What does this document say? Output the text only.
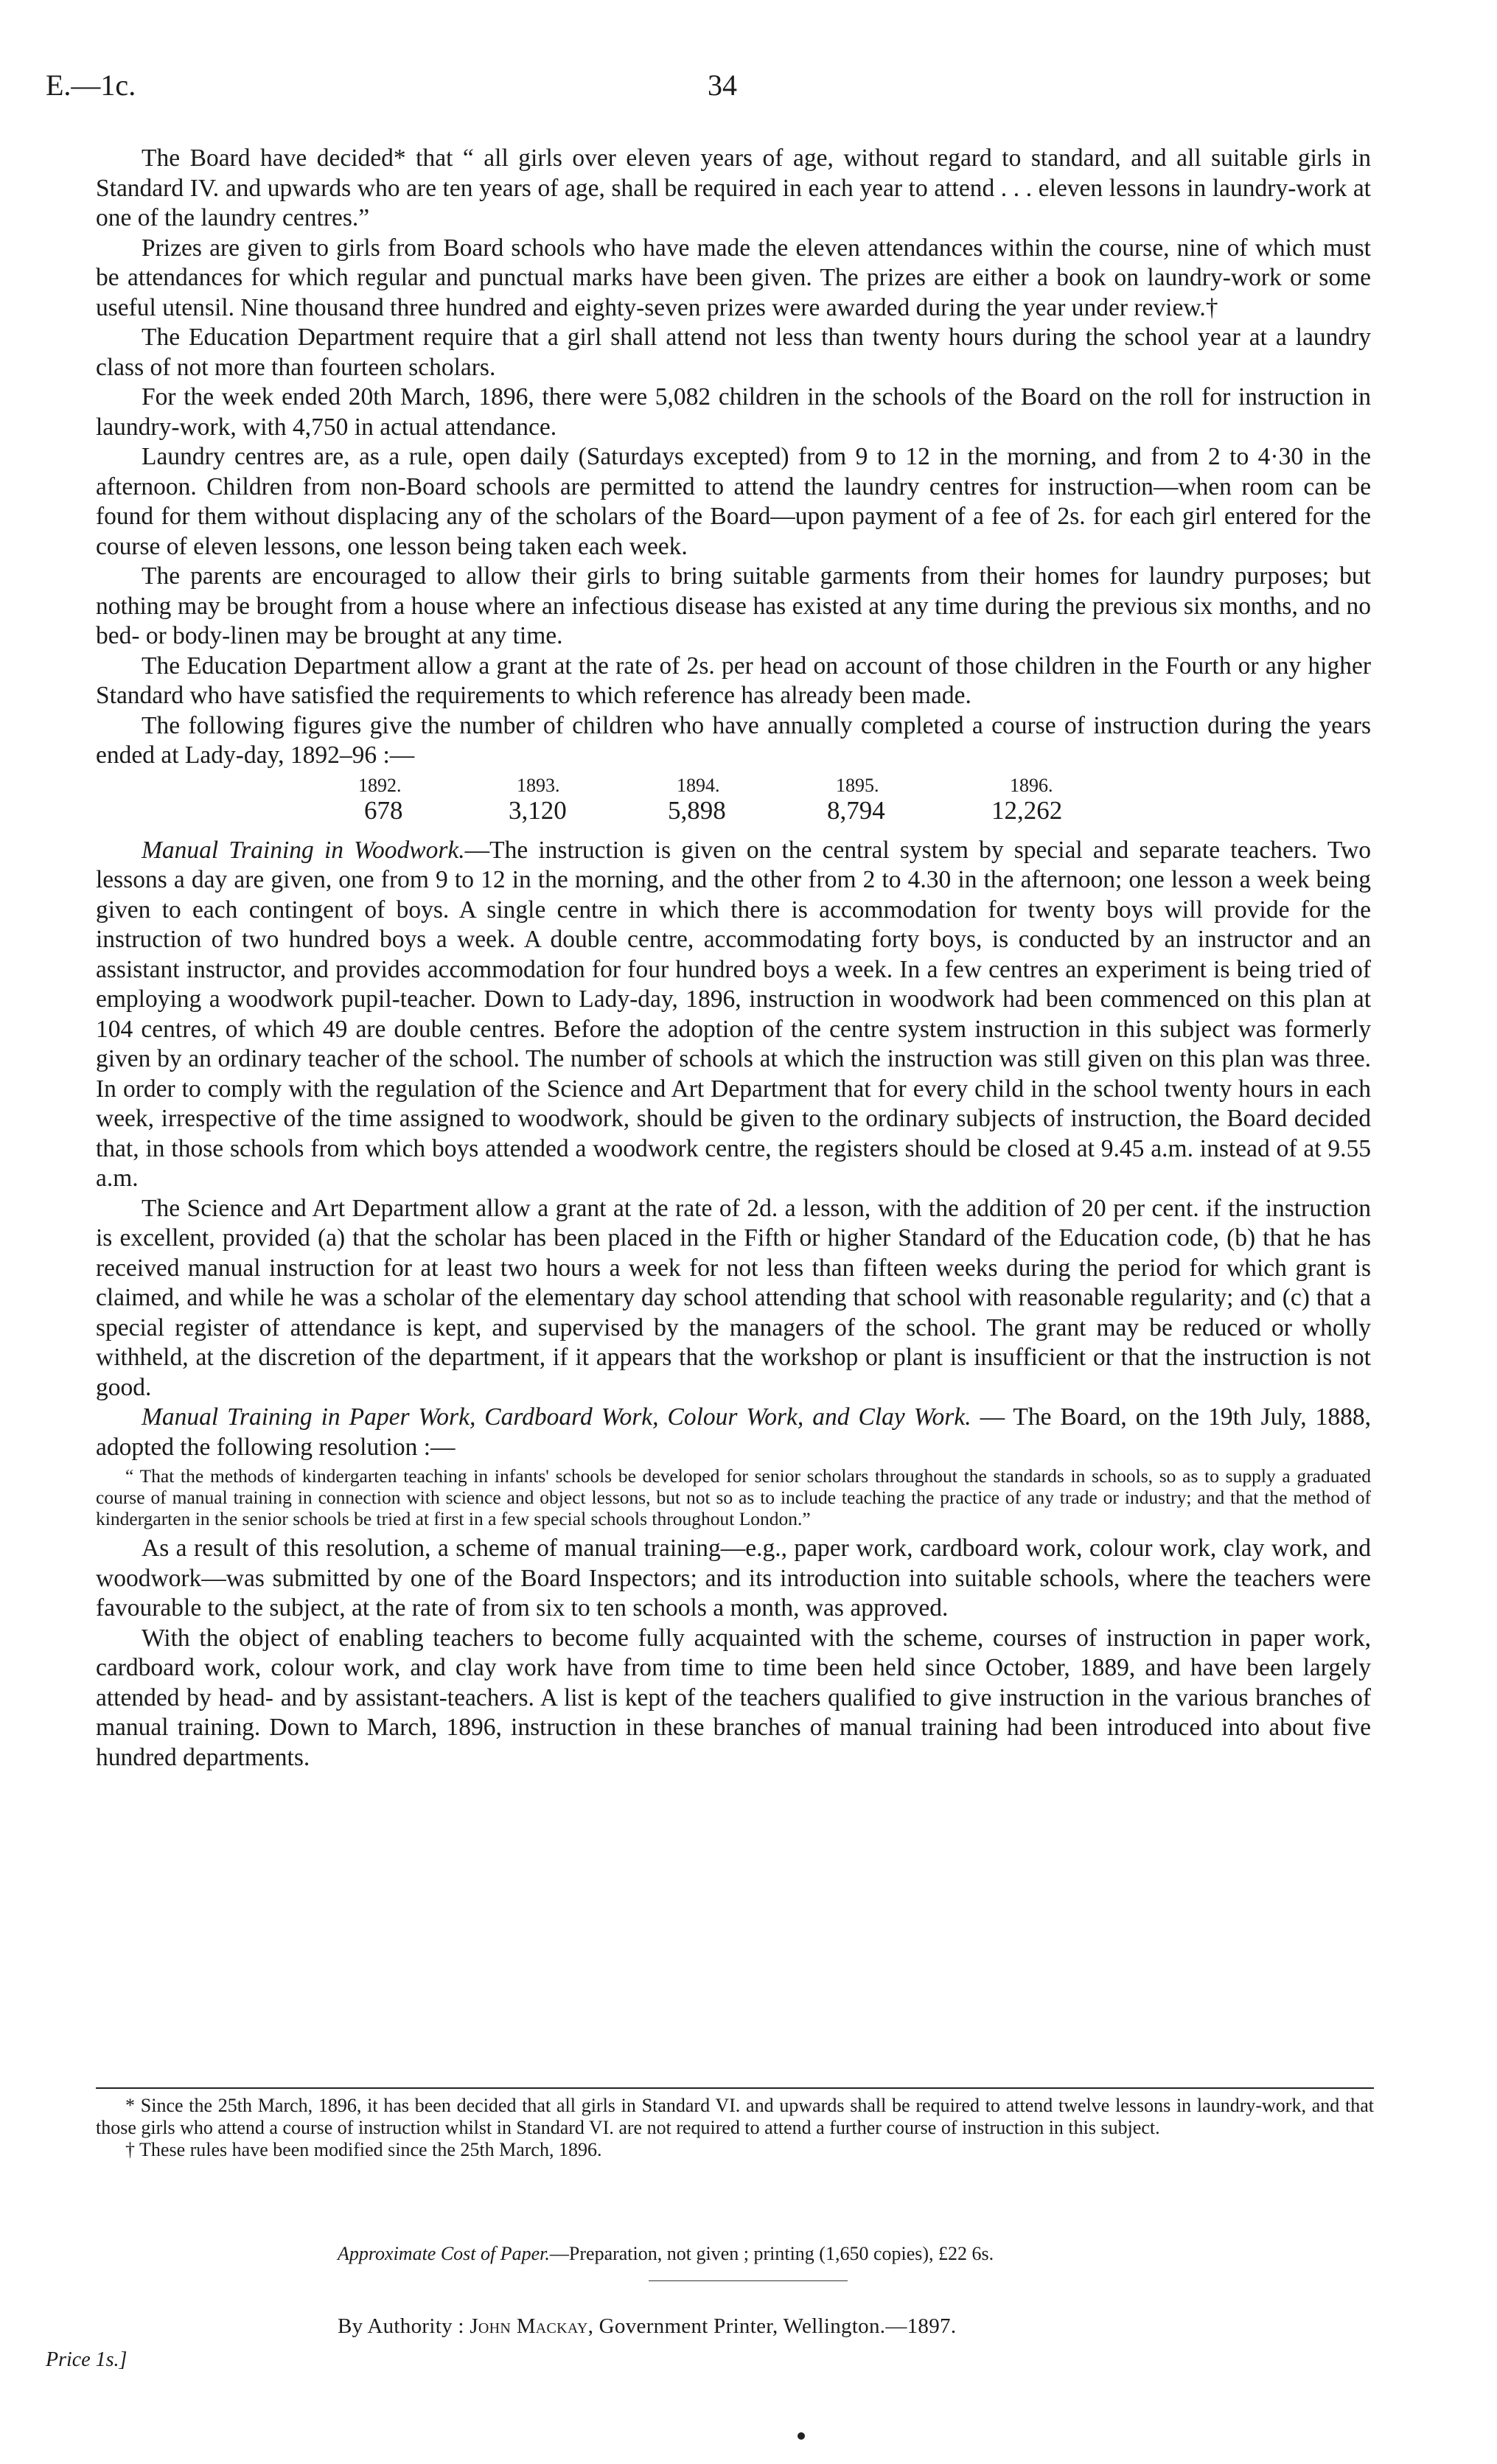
E.—1c.	34

The Board have decided* that “ all girls over eleven years of age, without regard to standard, and all suitable girls in Standard IV. and upwards who are ten years of age, shall be required in each year to attend . . . eleven lessons in laundry-work at one of the laundry centres.”

Prizes are given to girls from Board schools who have made the eleven attendances within the course, nine of which must be attendances for which regular and punctual marks have been given. The prizes are either a book on laundry-work or some useful utensil. Nine thousand three hundred and eighty-seven prizes were awarded during the year under review.†

The Education Department require that a girl shall attend not less than twenty hours during the school year at a laundry class of not more than fourteen scholars.

For the week ended 20th March, 1896, there were 5,082 children in the schools of the Board on the roll for instruction in laundry-work, with 4,750 in actual attendance.

Laundry centres are, as a rule, open daily (Saturdays excepted) from 9 to 12 in the morning, and from 2 to 4·30 in the afternoon. Children from non-Board schools are permitted to attend the laundry centres for instruction—when room can be found for them without displacing any of the scholars of the Board—upon payment of a fee of 2s. for each girl entered for the course of eleven lessons, one lesson being taken each week.

The parents are encouraged to allow their girls to bring suitable garments from their homes for laundry purposes; but nothing may be brought from a house where an infectious disease has existed at any time during the previous six months, and no bed- or body-linen may be brought at any time.

The Education Department allow a grant at the rate of 2s. per head on account of those children in the Fourth or any higher Standard who have satisfied the requirements to which reference has already been made.

The following figures give the number of children who have annually completed a course of instruction during the years ended at Lady-day, 1892–96 :—

1892.	1893.	1894.	1895.	1896.
678	3,120	5,898	8,794	12,262

Manual Training in Woodwork.—The instruction is given on the central system by special and separate teachers. Two lessons a day are given, one from 9 to 12 in the morning, and the other from 2 to 4.30 in the afternoon; one lesson a week being given to each contingent of boys. A single centre in which there is accommodation for twenty boys will provide for the instruction of two hundred boys a week. A double centre, accommodating forty boys, is conducted by an instructor and an assistant instructor, and provides accommodation for four hundred boys a week. In a few centres an experiment is being tried of employing a woodwork pupil-teacher. Down to Lady-day, 1896, instruction in woodwork had been commenced on this plan at 104 centres, of which 49 are double centres. Before the adoption of the centre system instruction in this subject was formerly given by an ordinary teacher of the school. The number of schools at which the instruction was still given on this plan was three. In order to comply with the regulation of the Science and Art Department that for every child in the school twenty hours in each week, irrespective of the time assigned to woodwork, should be given to the ordinary subjects of instruction, the Board decided that, in those schools from which boys attended a woodwork centre, the registers should be closed at 9.45 a.m. instead of at 9.55 a.m.

The Science and Art Department allow a grant at the rate of 2d. a lesson, with the addition of 20 per cent. if the instruction is excellent, provided (a) that the scholar has been placed in the Fifth or higher Standard of the Education code, (b) that he has received manual instruction for at least two hours a week for not less than fifteen weeks during the period for which grant is claimed, and while he was a scholar of the elementary day school attending that school with reasonable regularity; and (c) that a special register of attendance is kept, and supervised by the managers of the school. The grant may be reduced or wholly withheld, at the discretion of the department, if it appears that the workshop or plant is insufficient or that the instruction is not good.

Manual Training in Paper Work, Cardboard Work, Colour Work, and Clay Work. — The Board, on the 19th July, 1888, adopted the following resolution :—

“ That the methods of kindergarten teaching in infants' schools be developed for senior scholars throughout the standards in schools, so as to supply a graduated course of manual training in connection with science and object lessons, but not so as to include teaching the practice of any trade or industry; and that the method of kindergarten in the senior schools be tried at first in a few special schools throughout London.”

As a result of this resolution, a scheme of manual training—e.g., paper work, cardboard work, colour work, clay work, and woodwork—was submitted by one of the Board Inspectors; and its introduction into suitable schools, where the teachers were favourable to the subject, at the rate of from six to ten schools a month, was approved.

With the object of enabling teachers to become fully acquainted with the scheme, courses of instruction in paper work, cardboard work, colour work, and clay work have from time to time been held since October, 1889, and have been largely attended by head- and by assistant-teachers. A list is kept of the teachers qualified to give instruction in the various branches of manual training. Down to March, 1896, instruction in these branches of manual training had been introduced into about five hundred departments.

* Since the 25th March, 1896, it has been decided that all girls in Standard VI. and upwards shall be required to attend twelve lessons in laundry-work, and that those girls who attend a course of instruction whilst in Standard VI. are not required to attend a further course of instruction in this subject.

† These rules have been modified since the 25th March, 1896.

Approximate Cost of Paper.—Preparation, not given ; printing (1,650 copies), £22 6s.
By Authority : John Mackay, Government Printer, Wellington.—1897.
Price 1s.]
